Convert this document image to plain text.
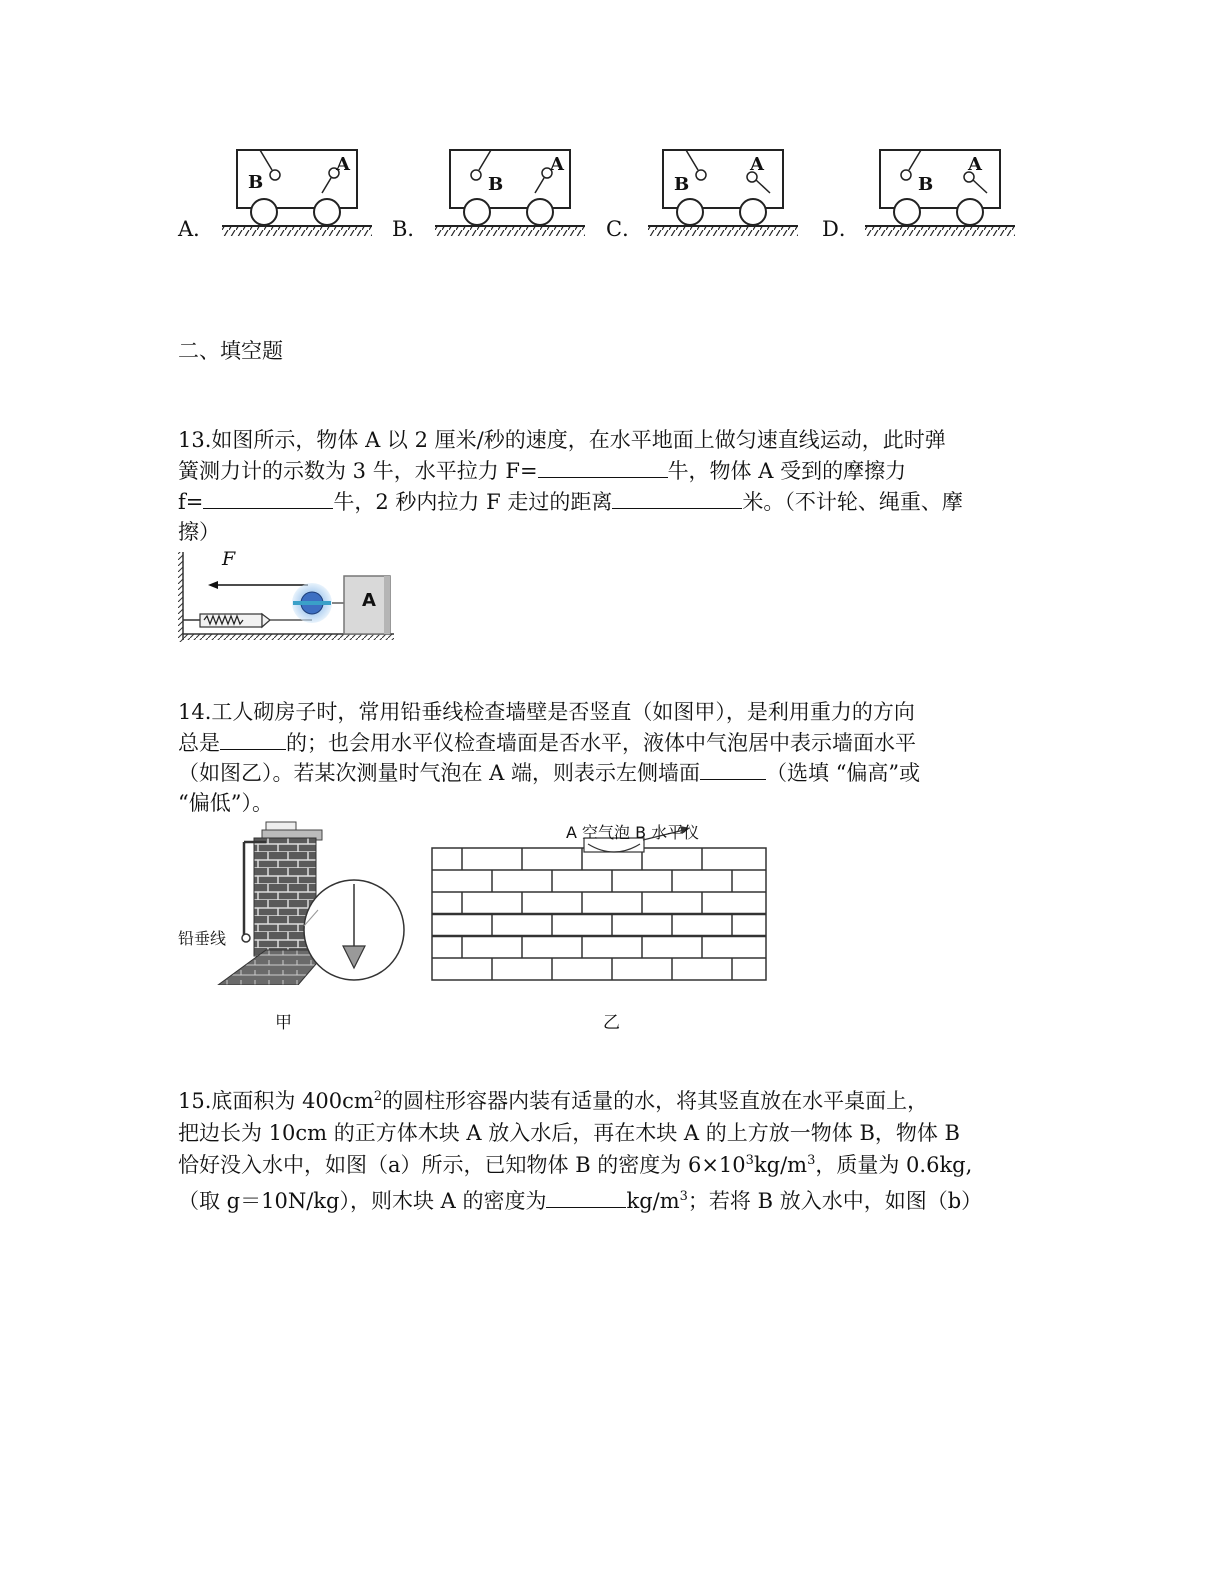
A．	B．	C．	D．
B
A
B
A
B
A
B
A
二、填空题
13.如图所示，物体 A 以 2 厘米/秒的速度，在水平地面上做匀速直线运动，此时弹
簧测力计的示数为 3 牛，水平拉力 F=	牛，物体 A 受到的摩擦力
f=	牛，2 秒内拉力 F 走过的距离	米。（不计轮、绳重、摩
擦）
F
A
14.工人砌房子时，常用铅垂线检查墙壁是否竖直（如图甲），是利用重力的方向
总是	的；也会用水平仪检查墙面是否水平，液体中气泡居中表示墙面水平
（如图乙）。若某次测量时气泡在 A 端，则表示左侧墙面	（选填 “偏高”或
“偏低”）。
铅垂线
甲
A 空气泡 B 水平仪
乙
15.底面积为 $400cm^2$的圆柱形容器内装有适量的水，将其竖直放在水平桌面上，
把边长为 10cm 的正方体木块 A 放入水后，再在木块 A 的上方放一物体 B，物体 B
恰好没入水中，如图（a）所示，已知物体 B 的密度为 $6\times 10^3kg/m^3$，质量为 0.6kg,
（取 g＝10N/kg），则木块 A 的密度为	$kg/m^3$；若将 B 放入水中，如图（b）
